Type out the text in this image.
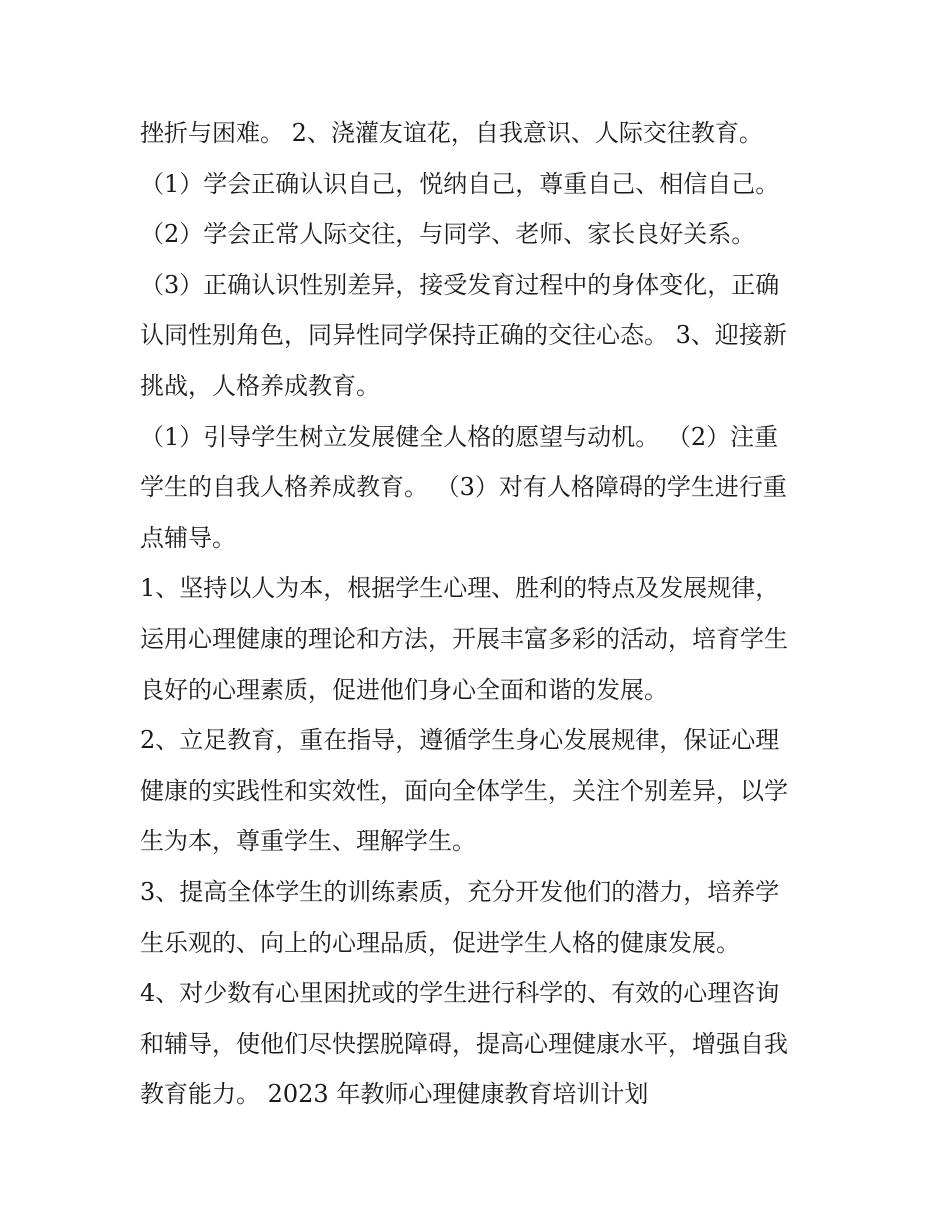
挫折与困难。 2、浇灌友谊花，自我意识、人际交往教育。
（1）学会正确认识自己，悦纳自己，尊重自己、相信自己。
（2）学会正常人际交往，与同学、老师、家长良好关系。
（3）正确认识性别差异，接受发育过程中的身体变化，正确
认同性别角色，同异性同学保持正确的交往心态。 3、迎接新
挑战，人格养成教育。
（1）引导学生树立发展健全人格的愿望与动机。 （2）注重
学生的自我人格养成教育。 （3）对有人格障碍的学生进行重
点辅导。
1、坚持以人为本，根据学生心理、胜利的特点及发展规律，
运用心理健康的理论和方法，开展丰富多彩的活动，培育学生
良好的心理素质，促进他们身心全面和谐的发展。
2、立足教育，重在指导，遵循学生身心发展规律，保证心理
健康的实践性和实效性，面向全体学生，关注个别差异，以学
生为本，尊重学生、理解学生。
3、提高全体学生的训练素质，充分开发他们的潜力，培养学
生乐观的、向上的心理品质，促进学生人格的健康发展。
4、对少数有心里困扰或的学生进行科学的、有效的心理咨询
和辅导，使他们尽快摆脱障碍，提高心理健康水平，增强自我
教育能力。 2023 年教师心理健康教育培训计划
